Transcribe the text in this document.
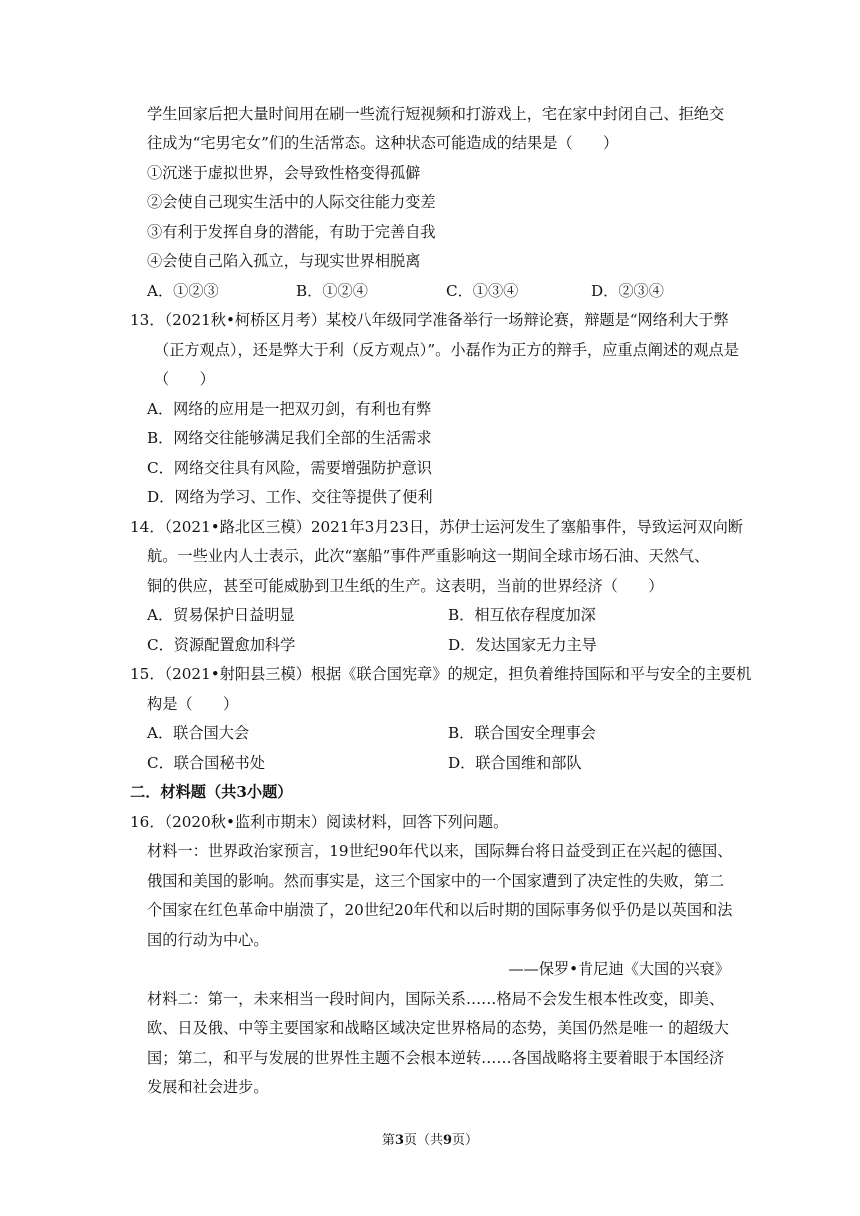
学生回家后把大量时间用在刷一些流行短视频和打游戏上，宅在家中封闭自己、拒绝交
往成为“宅男宅女”们的生活常态。这种状态可能造成的结果是（　　）
①沉迷于虚拟世界，会导致性格变得孤僻
②会使自己现实生活中的人际交往能力变差
③有利于发挥自身的潜能，有助于完善自我
④会使自己陷入孤立，与现实世界相脱离
A．①②③	B．①②④	C．①③④	D．②③④
13．（2021秋•柯桥区月考）某校八年级同学准备举行一场辩论赛，辩题是“网络利大于弊
（正方观点），还是弊大于利（反方观点）”。小磊作为正方的辩手，应重点阐述的观点是
（　　）
A．网络的应用是一把双刃剑，有利也有弊
B．网络交往能够满足我们全部的生活需求
C．网络交往具有风险，需要增强防护意识
D．网络为学习、工作、交往等提供了便利
14．（2021•路北区三模）2021年3月23日，苏伊士运河发生了塞船事件，导致运河双向断
航。一些业内人士表示，此次“塞船”事件严重影响这一期间全球市场石油、天然气、
铜的供应，甚至可能威胁到卫生纸的生产。这表明，当前的世界经济（　　）
A．贸易保护日益明显	B．相互依存程度加深
C．资源配置愈加科学	D．发达国家无力主导
15．（2021•射阳县三模）根据《联合国宪章》的规定，担负着维持国际和平与安全的主要机
构是（　　）
A．联合国大会	B．联合国安全理事会
C．联合国秘书处	D．联合国维和部队
二．材料题（共3小题）
16．（2020秋•监利市期末）阅读材料，回答下列问题。
材料一：世界政治家预言，19世纪90年代以来，国际舞台将日益受到正在兴起的德国、
俄国和美国的影响。然而事实是，这三个国家中的一个国家遭到了决定性的失败，第二
个国家在红色革命中崩溃了，20世纪20年代和以后时期的国际事务似乎仍是以英国和法
国的行动为中心。
——保罗•肯尼迪《大国的兴衰》
材料二：第一，未来相当一段时间内，国际关系……格局不会发生根本性改变，即美、
欧、日及俄、中等主要国家和战略区域决定世界格局的态势，美国仍然是唯一 的超级大
国；第二，和平与发展的世界性主题不会根本逆转……各国战略将主要着眼于本国经济
发展和社会进步。
第3页（共9页）
